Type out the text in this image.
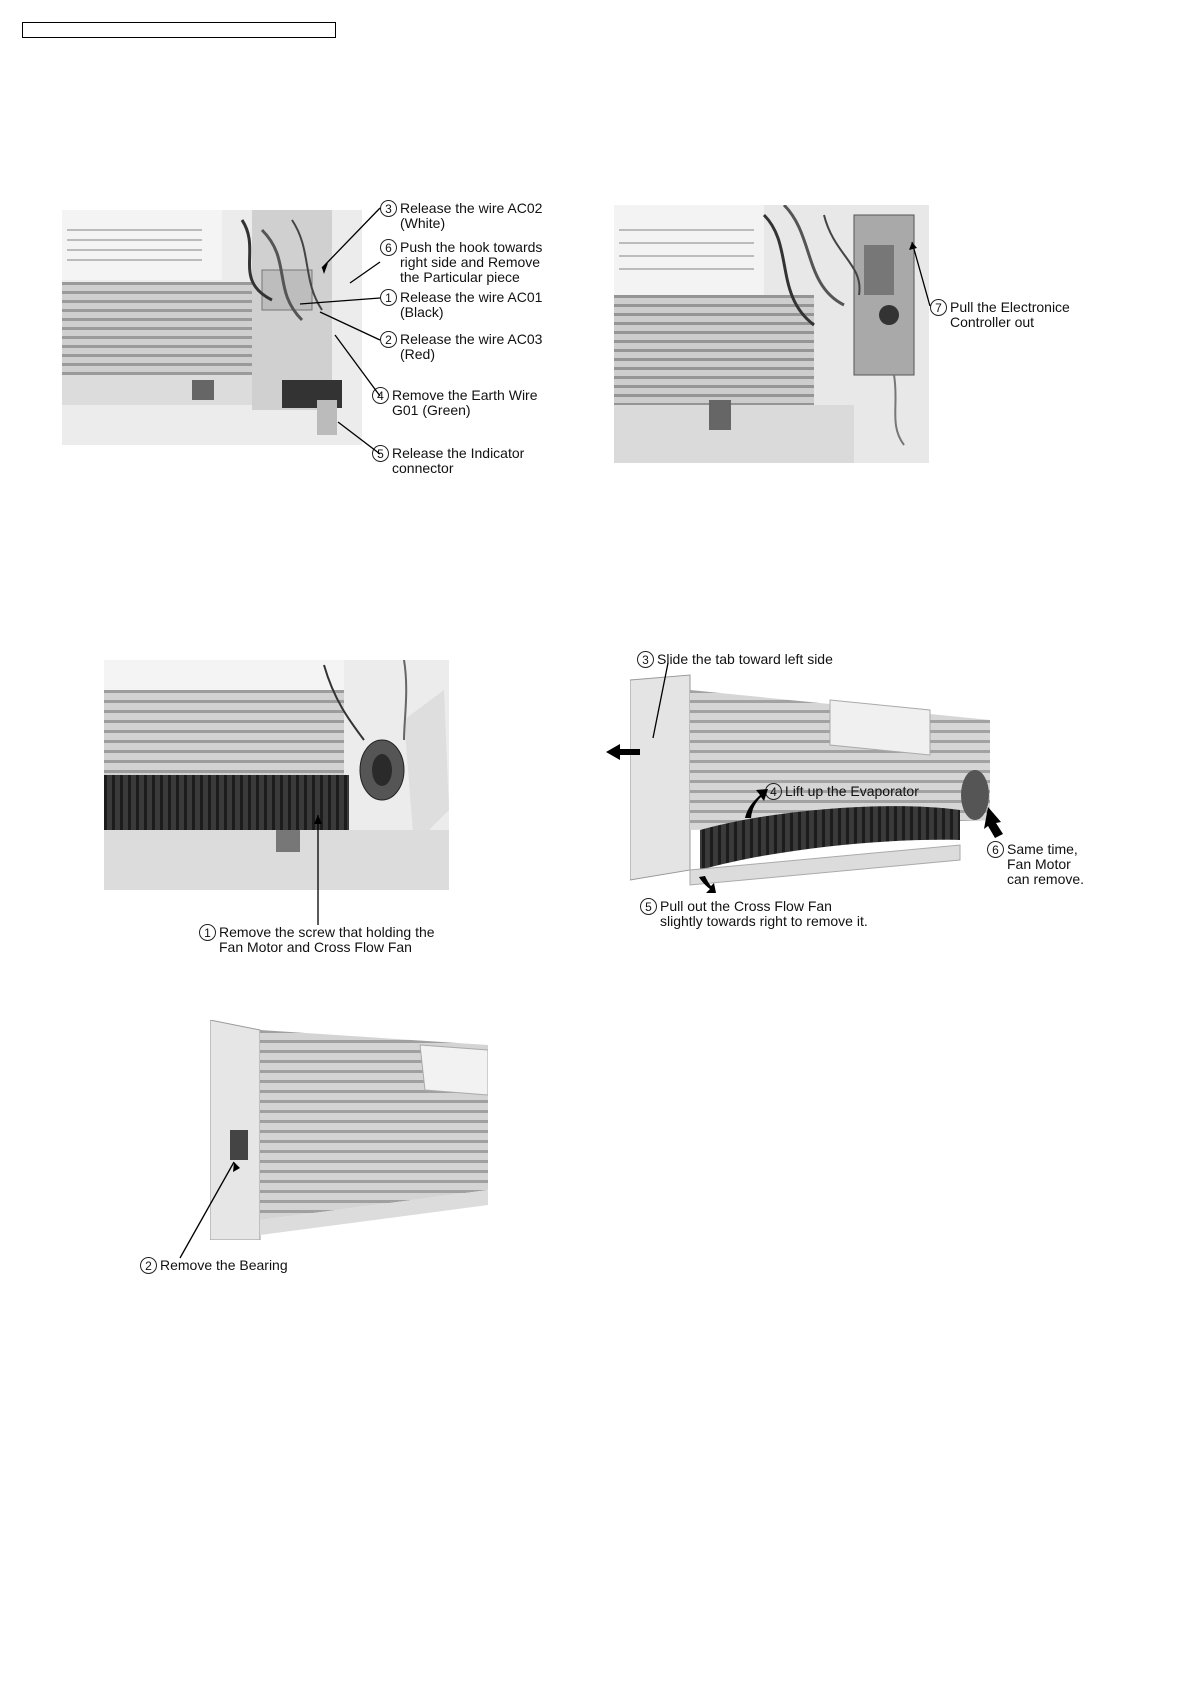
3 Release the wire AC02
(White)
6 Push the hook towards
right side and Remove
the Particular piece
1 Release the wire AC01
(Black)
2 Release the wire AC03
(Red)
4 Remove the Earth Wire
G01 (Green)
5 Release the Indicator
connector
7 Pull the Electronice
Controller out
1 Remove the screw that holding the
Fan Motor and Cross Flow Fan
3 Slide the tab toward left side
4 Lift up the Evaporator
6 Same time,
Fan Motor
can remove.
5 Pull out the Cross Flow Fan
slightly towards right to remove it.
2 Remove the Bearing
